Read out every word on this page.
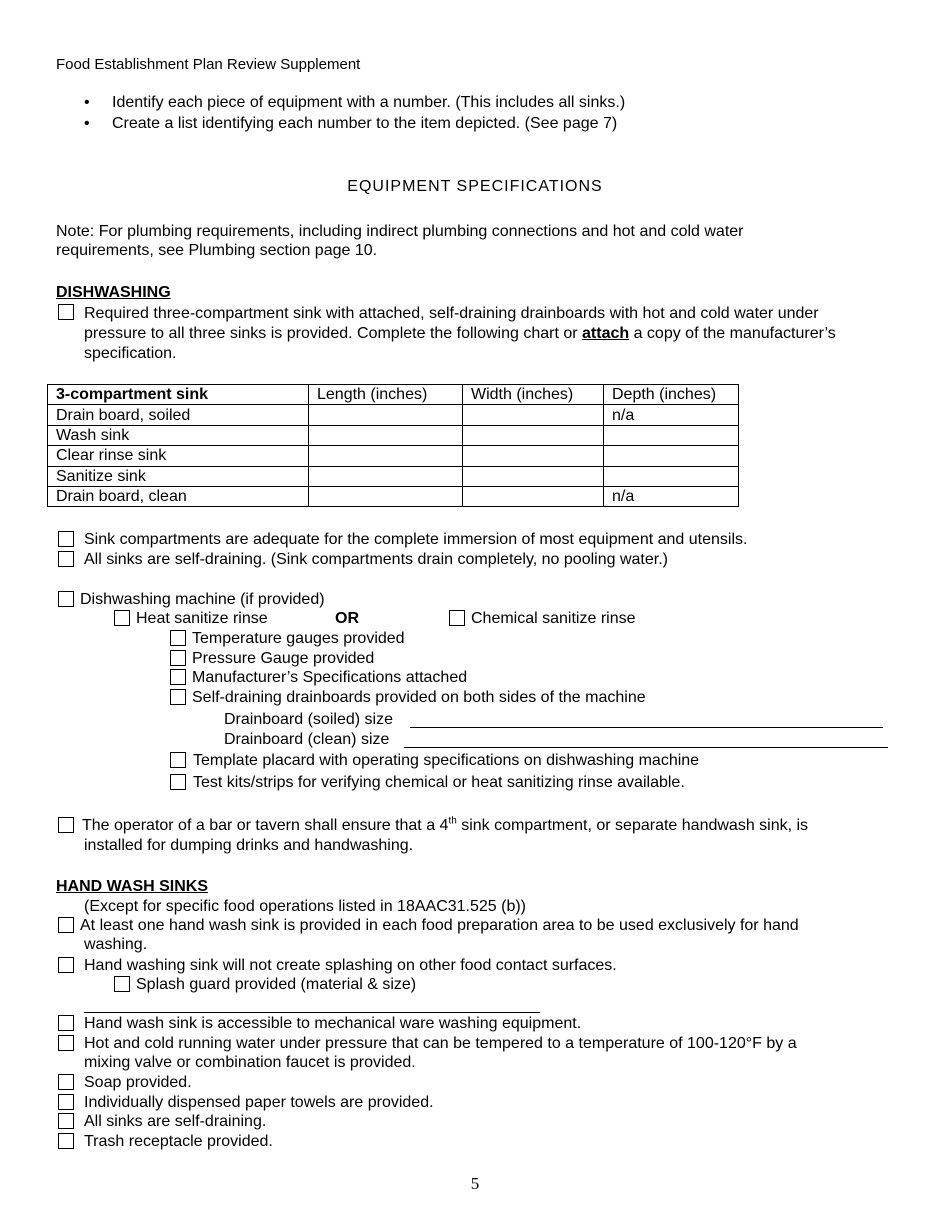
Food Establishment Plan Review Supplement
• Identify each piece of equipment with a number. (This includes all sinks.)
• Create a list identifying each number to the item depicted. (See page 7)
EQUIPMENT SPECIFICATIONS
Note: For plumbing requirements, including indirect plumbing connections and hot and cold water
requirements, see Plumbing section page 10.
DISHWASHING
Required three-compartment sink with attached, self-draining drainboards with hot and cold water under
pressure to all three sinks is provided. Complete the following chart or attach a copy of the manufacturer’s
specification.
3-compartment sink	Length (inches)	Width (inches)	Depth (inches)
Drain board, soiled			n/a
Wash sink			
Clear rinse sink			
Sanitize sink			
Drain board, clean			n/a
Sink compartments are adequate for the complete immersion of most equipment and utensils.
All sinks are self-draining. (Sink compartments drain completely, no pooling water.)
Dishwashing machine (if provided)
Heat sanitize rinse	OR	Chemical sanitize rinse
Temperature gauges provided
Pressure Gauge provided
Manufacturer’s Specifications attached
Self-draining drainboards provided on both sides of the machine
Drainboard (soiled) size
Drainboard (clean) size
Template placard with operating specifications on dishwashing machine
Test kits/strips for verifying chemical or heat sanitizing rinse available.
The operator of a bar or tavern shall ensure that a 4th sink compartment, or separate handwash sink, is
installed for dumping drinks and handwashing.
HAND WASH SINKS
(Except for specific food operations listed in 18AAC31.525 (b))
At least one hand wash sink is provided in each food preparation area to be used exclusively for hand
washing.
Hand washing sink will not create splashing on other food contact surfaces.
Splash guard provided (material & size)
Hand wash sink is accessible to mechanical ware washing equipment.
Hot and cold running water under pressure that can be tempered to a temperature of 100-120°F by a
mixing valve or combination faucet is provided.
Soap provided.
Individually dispensed paper towels are provided.
All sinks are self-draining.
Trash receptacle provided.
5
